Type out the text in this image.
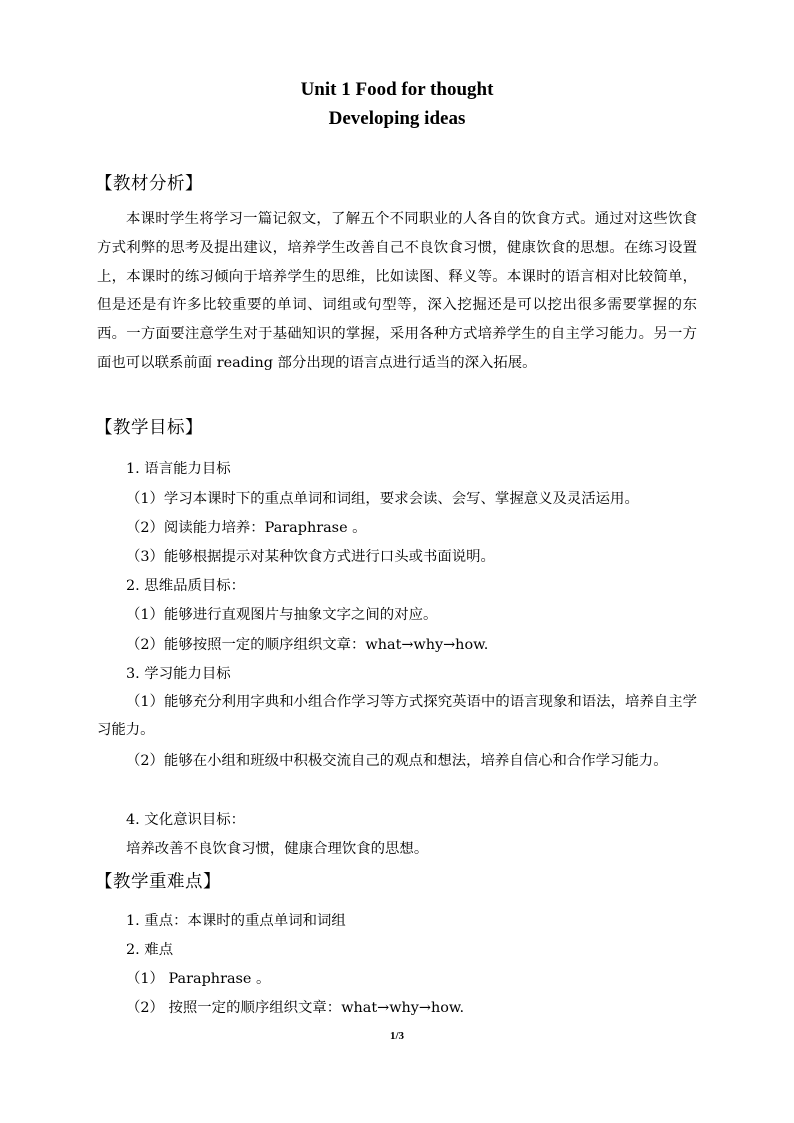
Unit 1 Food for thought
Developing ideas
【教材分析】

本课时学生将学习一篇记叙文，了解五个不同职业的人各自的饮食方式。通过对这些饮食方式利弊的思考及提出建议，培养学生改善自己不良饮食习惯，健康饮食的思想。在练习设置上，本课时的练习倾向于培养学生的思维，比如读图、释义等。本课时的语言相对比较简单，但是还是有许多比较重要的单词、词组或句型等，深入挖掘还是可以挖出很多需要掌握的东西。一方面要注意学生对于基础知识的掌握，采用各种方式培养学生的自主学习能力。另一方面也可以联系前面 reading 部分出现的语言点进行适当的深入拓展。

【教学目标】
1. 语言能力目标
（1）学习本课时下的重点单词和词组，要求会读、会写、掌握意义及灵活运用。
（2）阅读能力培养：Paraphrase 。
（3）能够根据提示对某种饮食方式进行口头或书面说明。
2. 思维品质目标：
（1）能够进行直观图片与抽象文字之间的对应。
（2）能够按照一定的顺序组织文章：what→why→how.
3. 学习能力目标

（1）能够充分利用字典和小组合作学习等方式探究英语中的语言现象和语法，培养自主学习能力。

（2）能够在小组和班级中积极交流自己的观点和想法，培养自信心和合作学习能力。

4. 文化意识目标：
培养改善不良饮食习惯，健康合理饮食的思想。
【教学重难点】
1. 重点：本课时的重点单词和词组
2. 难点
（1） Paraphrase 。
（2） 按照一定的顺序组织文章：what→why→how.
1/3
